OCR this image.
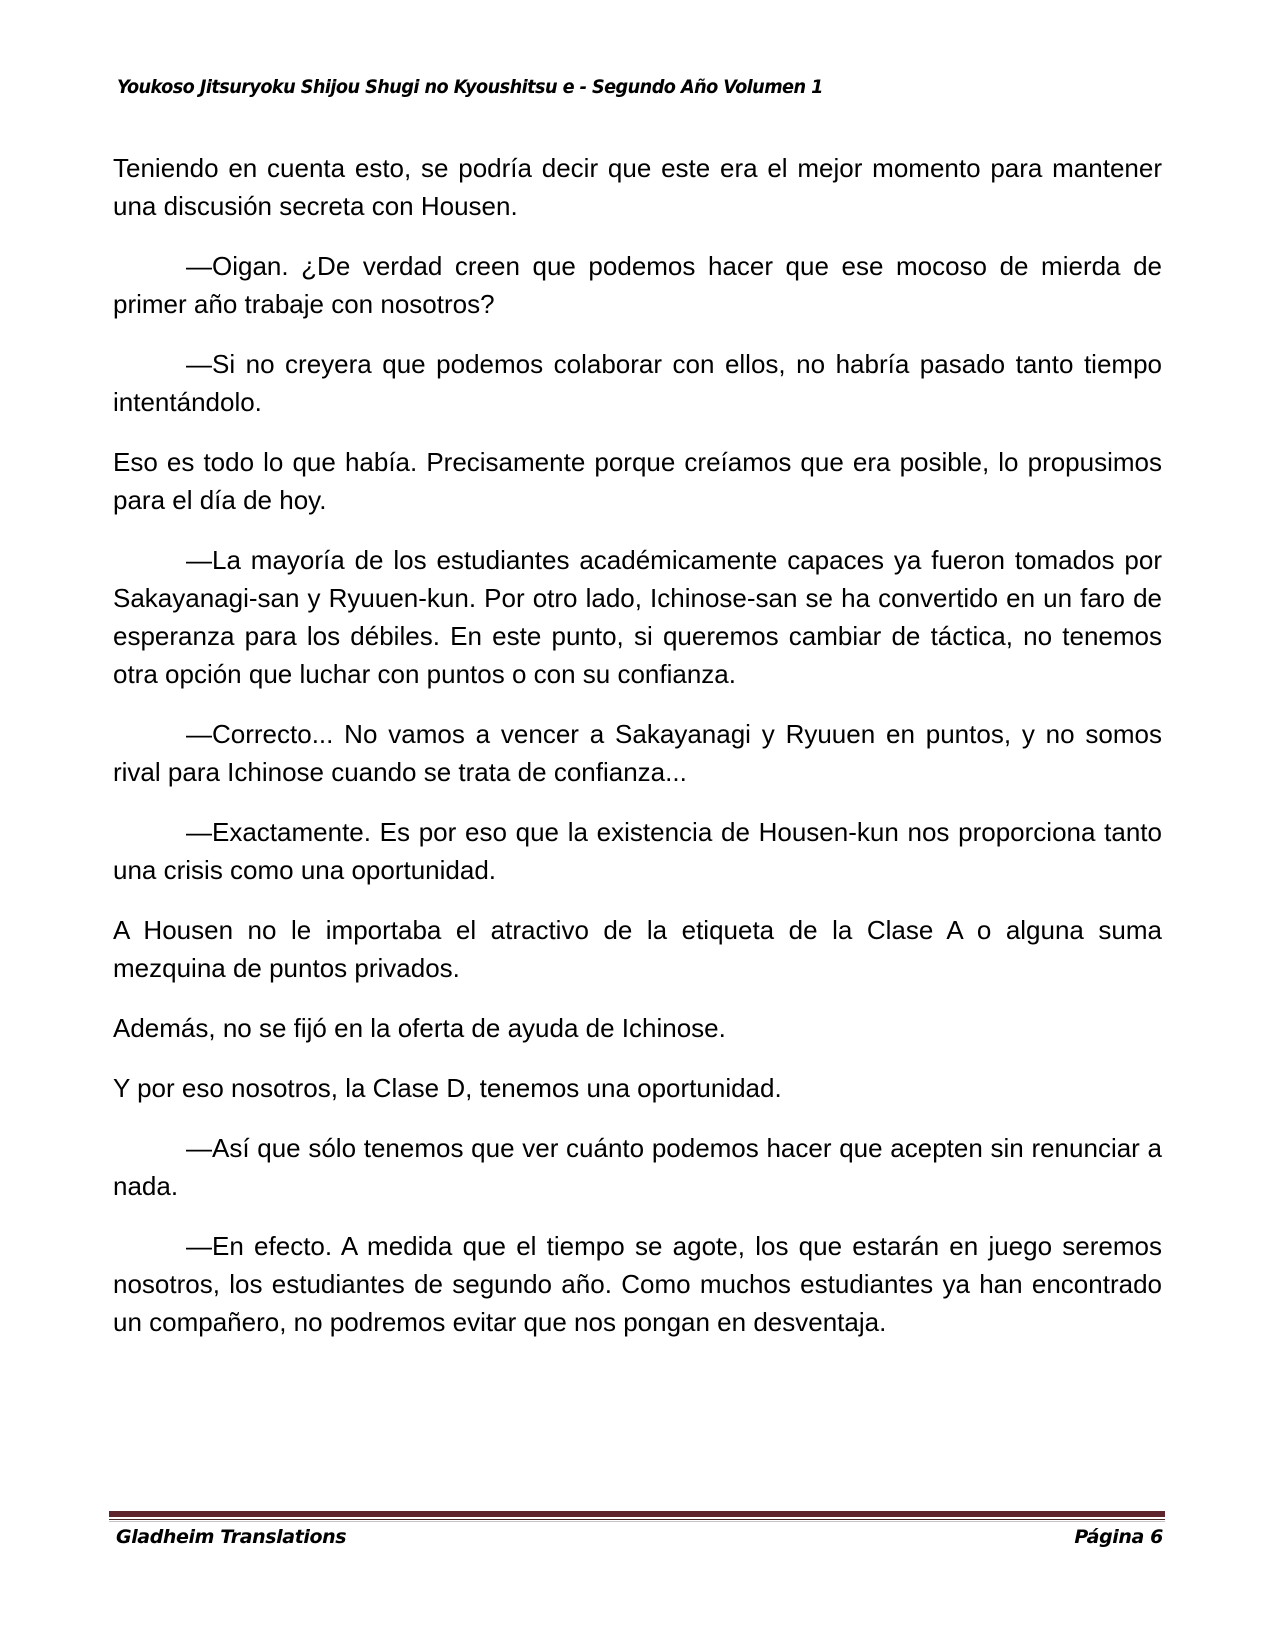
Youkoso Jitsuryoku Shijou Shugi no Kyoushitsu e - Segundo Año Volumen 1

Teniendo en cuenta esto, se podría decir que este era el mejor momento para mantener una discusión secreta con Housen.

—Oigan. ¿De verdad creen que podemos hacer que ese mocoso de mierda de primer año trabaje con nosotros?

—Si no creyera que podemos colaborar con ellos, no habría pasado tanto tiempo intentándolo.

Eso es todo lo que había. Precisamente porque creíamos que era posible, lo propusimos para el día de hoy.

—La mayoría de los estudiantes académicamente capaces ya fueron tomados por Sakayanagi-san y Ryuuen-kun. Por otro lado, Ichinose-san se ha convertido en un faro de esperanza para los débiles. En este punto, si queremos cambiar de táctica, no tenemos otra opción que luchar con puntos o con su confianza.

—Correcto... No vamos a vencer a Sakayanagi y Ryuuen en puntos, y no somos rival para Ichinose cuando se trata de confianza...

—Exactamente. Es por eso que la existencia de Housen-kun nos proporciona tanto una crisis como una oportunidad.

A Housen no le importaba el atractivo de la etiqueta de la Clase A o alguna suma mezquina de puntos privados.

Además, no se fijó en la oferta de ayuda de Ichinose.

Y por eso nosotros, la Clase D, tenemos una oportunidad.

—Así que sólo tenemos que ver cuánto podemos hacer que acepten sin renunciar a nada.

—En efecto. A medida que el tiempo se agote, los que estarán en juego seremos nosotros, los estudiantes de segundo año. Como muchos estudiantes ya han encontrado un compañero, no podremos evitar que nos pongan en desventaja.

Gladheim Translations	Página 6
